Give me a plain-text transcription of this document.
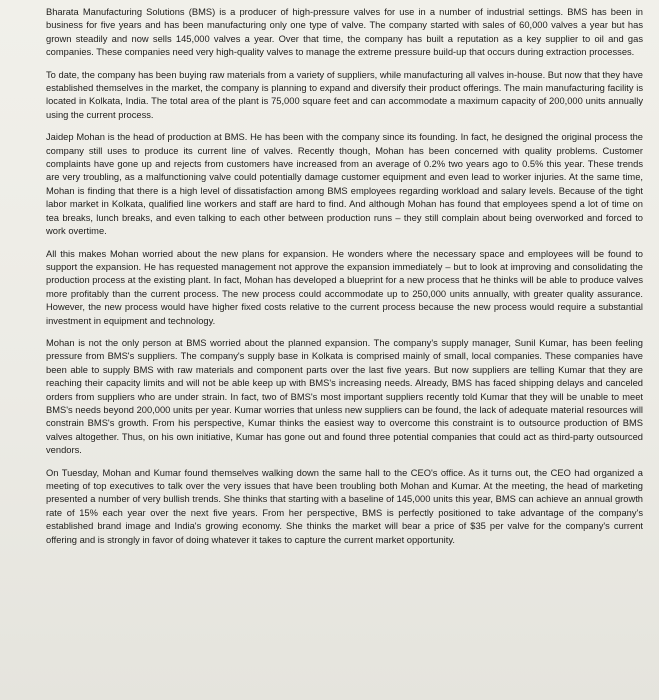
Bharata Manufacturing Solutions (BMS) is a producer of high-pressure valves for use in a number of industrial settings. BMS has been in business for five years and has been manufacturing only one type of valve. The company started with sales of 60,000 valves a year but has grown steadily and now sells 145,000 valves a year. Over that time, the company has built a reputation as a key supplier to oil and gas companies. These companies need very high-quality valves to manage the extreme pressure build-up that occurs during extraction processes.

To date, the company has been buying raw materials from a variety of suppliers, while manufacturing all valves in-house. But now that they have established themselves in the market, the company is planning to expand and diversify their product offerings. The main manufacturing facility is located in Kolkata, India. The total area of the plant is 75,000 square feet and can accommodate a maximum capacity of 200,000 units annually using the current process.

Jaidep Mohan is the head of production at BMS. He has been with the company since its founding. In fact, he designed the original process the company still uses to produce its current line of valves. Recently though, Mohan has been concerned with quality problems. Customer complaints have gone up and rejects from customers have increased from an average of 0.2% two years ago to 0.5% this year. These trends are very troubling, as a malfunctioning valve could potentially damage customer equipment and even lead to worker injuries. At the same time, Mohan is finding that there is a high level of dissatisfaction among BMS employees regarding workload and salary levels. Because of the tight labor market in Kolkata, qualified line workers and staff are hard to find. And although Mohan has found that employees spend a lot of time on tea breaks, lunch breaks, and even talking to each other between production runs – they still complain about being overworked and forced to work overtime.

All this makes Mohan worried about the new plans for expansion. He wonders where the necessary space and employees will be found to support the expansion. He has requested management not approve the expansion immediately – but to look at improving and consolidating the production process at the existing plant. In fact, Mohan has developed a blueprint for a new process that he thinks will be able to produce valves more profitably than the current process. The new process could accommodate up to 250,000 units annually, with greater quality assurance. However, the new process would have higher fixed costs relative to the current process because the new process would require a substantial investment in equipment and technology.

Mohan is not the only person at BMS worried about the planned expansion. The company's supply manager, Sunil Kumar, has been feeling pressure from BMS's suppliers. The company's supply base in Kolkata is comprised mainly of small, local companies. These companies have been able to supply BMS with raw materials and component parts over the last five years. But now suppliers are telling Kumar that they are reaching their capacity limits and will not be able keep up with BMS's increasing needs. Already, BMS has faced shipping delays and canceled orders from suppliers who are under strain. In fact, two of BMS's most important suppliers recently told Kumar that they will be unable to meet BMS's needs beyond 200,000 units per year. Kumar worries that unless new suppliers can be found, the lack of adequate material resources will constrain BMS's growth. From his perspective, Kumar thinks the easiest way to overcome this constraint is to outsource production of BMS valves altogether. Thus, on his own initiative, Kumar has gone out and found three potential companies that could act as third-party outsourced vendors.

On Tuesday, Mohan and Kumar found themselves walking down the same hall to the CEO's office. As it turns out, the CEO had organized a meeting of top executives to talk over the very issues that have been troubling both Mohan and Kumar. At the meeting, the head of marketing presented a number of very bullish trends. She thinks that starting with a baseline of 145,000 units this year, BMS can achieve an annual growth rate of 15% each year over the next five years. From her perspective, BMS is perfectly positioned to take advantage of the company's established brand image and India's growing economy. She thinks the market will bear a price of $35 per valve for the company's current offering and is strongly in favor of doing whatever it takes to capture the current market opportunity.
